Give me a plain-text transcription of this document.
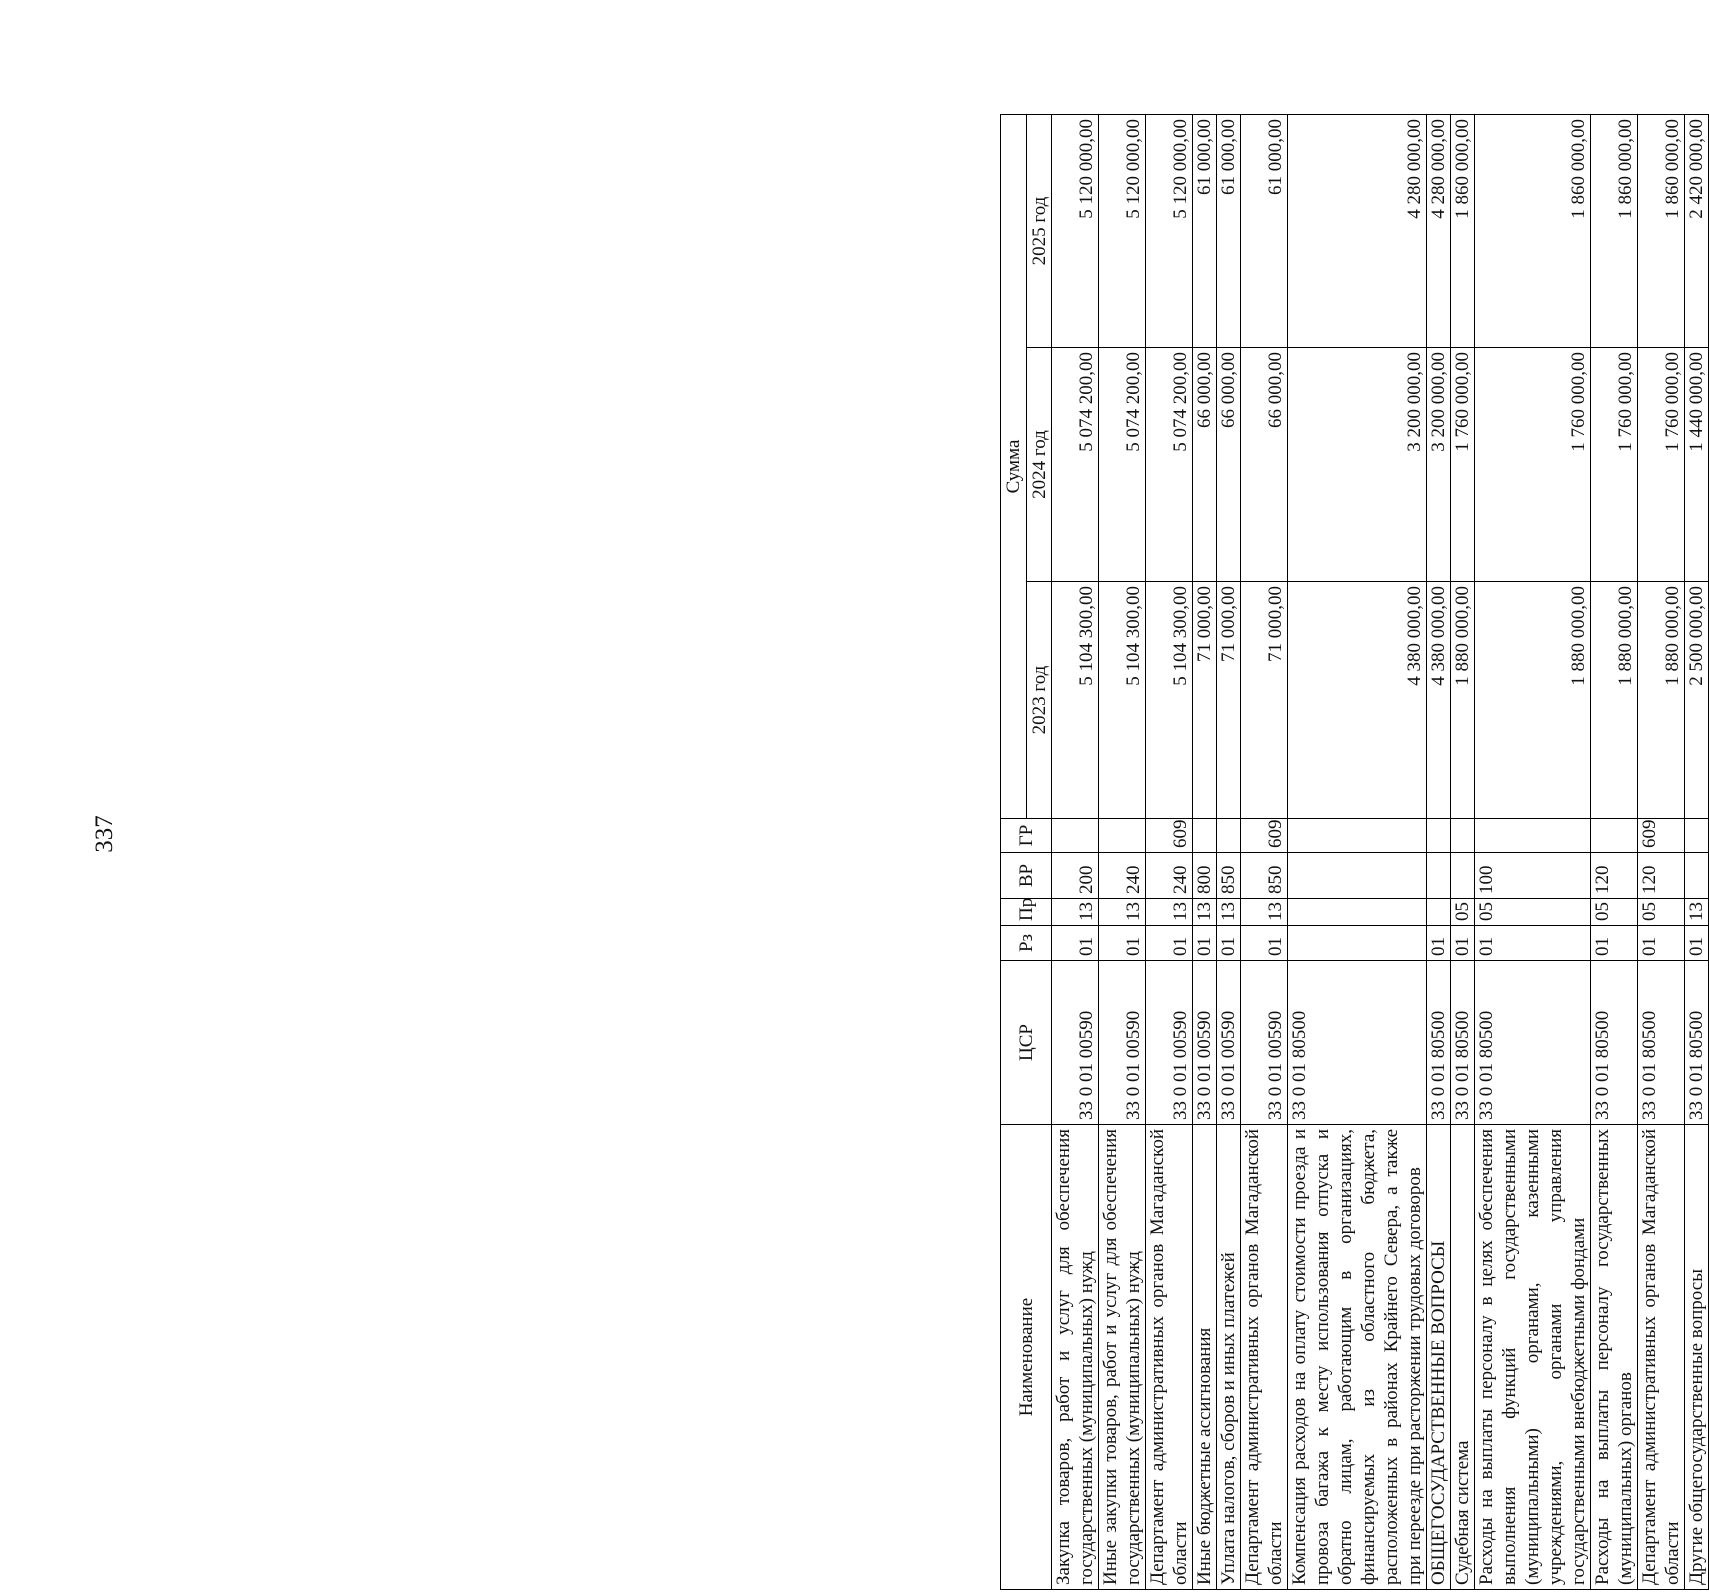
337
Наименование	ЦСР	Рз	Пр	ВР	ГР	Сумма		
						2023 год	2024 год	2025 год
Закупка товаров, работ и услуг для обеспечения государственных (муниципальных) нужд	33 0 01 00590	01	13	200		5 104 300,00	5 074 200,00	5 120 000,00
Иные закупки товаров, работ и услуг для обеспечения государственных (муниципальных) нужд	33 0 01 00590	01	13	240		5 104 300,00	5 074 200,00	5 120 000,00
Департамент административных органов Магаданской области	33 0 01 00590	01	13	240	609	5 104 300,00	5 074 200,00	5 120 000,00
Иные бюджетные ассигнования	33 0 01 00590	01	13	800		71 000,00	66 000,00	61 000,00
Уплата налогов, сборов и иных платежей	33 0 01 00590	01	13	850		71 000,00	66 000,00	61 000,00
Департамент административных органов Магаданской области	33 0 01 00590	01	13	850	609	71 000,00	66 000,00	61 000,00
Компенсация расходов на оплату стоимости проезда и провоза багажа к месту использования отпуска и обратно лицам, работающим в организациях, финансируемых из областного бюджета, расположенных в районах Крайнего Севера, а также при переезде при расторжении трудовых договоров	33 0 01 80500					4 380 000,00	3 200 000,00	4 280 000,00
ОБЩЕГОСУДАРСТВЕННЫЕ ВОПРОСЫ	33 0 01 80500	01				4 380 000,00	3 200 000,00	4 280 000,00
Судебная система	33 0 01 80500	01	05			1 880 000,00	1 760 000,00	1 860 000,00
Расходы на выплаты персоналу в целях обеспечения выполнения функций государственными (муниципальными) органами, казенными учреждениями, органами управления государственными внебюджетными фондами	33 0 01 80500	01	05	100		1 880 000,00	1 760 000,00	1 860 000,00
Расходы на выплаты персоналу государственных (муниципальных) органов	33 0 01 80500	01	05	120		1 880 000,00	1 760 000,00	1 860 000,00
Департамент административных органов Магаданской области	33 0 01 80500	01	05	120	609	1 880 000,00	1 760 000,00	1 860 000,00
Другие общегосударственные вопросы	33 0 01 80500	01	13			2 500 000,00	1 440 000,00	2 420 000,00
